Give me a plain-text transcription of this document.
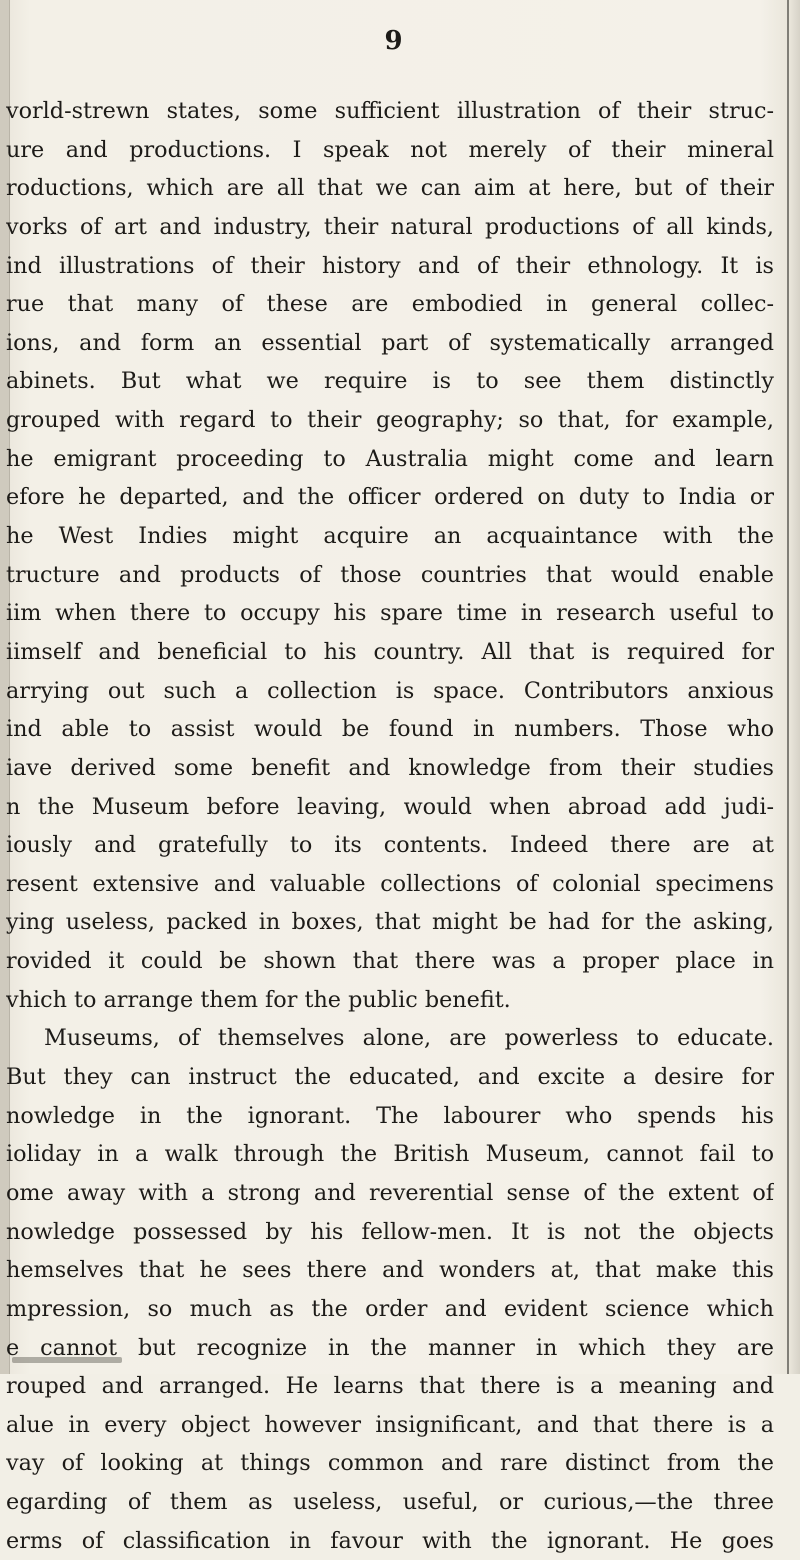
9
vorld-strewn states, some sufficient illustration of their struc-
ure and productions. I speak not merely of their mineral
roductions, which are all that we can aim at here, but of their
vorks of art and industry, their natural productions of all kinds,
ind illustrations of their history and of their ethnology. It is
rue that many of these are embodied in general collec-
ions, and form an essential part of systematically arranged
abinets. But what we require is to see them distinctly
grouped with regard to their geography; so that, for example,
he emigrant proceeding to Australia might come and learn
efore he departed, and the officer ordered on duty to India or
he West Indies might acquire an acquaintance with the
tructure and products of those countries that would enable
iim when there to occupy his spare time in research useful to
iimself and beneficial to his country. All that is required for
arrying out such a collection is space. Contributors anxious
ind able to assist would be found in numbers. Those who
iave derived some benefit and knowledge from their studies
n the Museum before leaving, would when abroad add judi-
iously and gratefully to its contents. Indeed there are at
resent extensive and valuable collections of colonial specimens
ying useless, packed in boxes, that might be had for the asking,
rovided it could be shown that there was a proper place in
vhich to arrange them for the public benefit.
Museums, of themselves alone, are powerless to educate.
But they can instruct the educated, and excite a desire for
nowledge in the ignorant. The labourer who spends his
ioliday in a walk through the British Museum, cannot fail to
ome away with a strong and reverential sense of the extent of
nowledge possessed by his fellow-men. It is not the objects
hemselves that he sees there and wonders at, that make this
mpression, so much as the order and evident science which
e cannot but recognize in the manner in which they are
rouped and arranged. He learns that there is a meaning and
alue in every object however insignificant, and that there is a
vay of looking at things common and rare distinct from the
egarding of them as useless, useful, or curious,—the three
erms of classification in favour with the ignorant. He goes
